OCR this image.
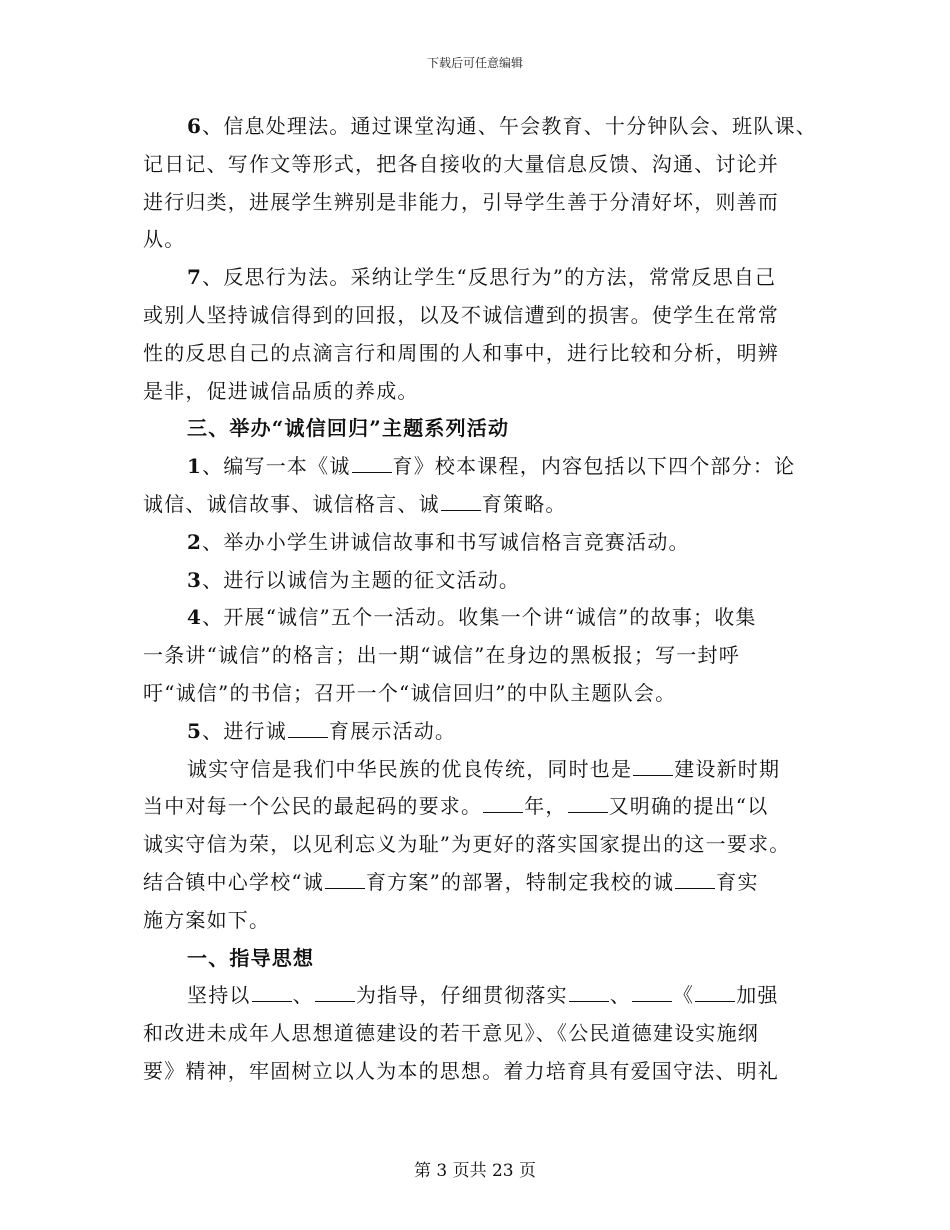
下载后可任意编辑
6、信息处理法。通过课堂沟通、午会教育、十分钟队会、班队课、
记日记、写作文等形式，把各自接收的大量信息反馈、沟通、讨论并
进行归类，进展学生辨别是非能力，引导学生善于分清好坏，则善而
从。
7、反思行为法。采纳让学生“反思行为”的方法，常常反思自己
或别人坚持诚信得到的回报，以及不诚信遭到的损害。使学生在常常
性的反思自己的点滴言行和周围的人和事中，进行比较和分析，明辨
是非，促进诚信品质的养成。
三、举办“诚信回归”主题系列活动
1、编写一本《诚 育》校本课程，内容包括以下四个部分：论
诚信、诚信故事、诚信格言、诚 育策略。
2、举办小学生讲诚信故事和书写诚信格言竞赛活动。
3、进行以诚信为主题的征文活动。
4、开展“诚信”五个一活动。收集一个讲“诚信”的故事；收集
一条讲“诚信”的格言；出一期“诚信”在身边的黑板报；写一封呼
吁“诚信”的书信；召开一个“诚信回归”的中队主题队会。
5、进行诚 育展示活动。
诚实守信是我们中华民族的优良传统，同时也是 建设新时期
当中对每一个公民的最起码的要求。 年， 又明确的提出“以
诚实守信为荣，以见利忘义为耻”为更好的落实国家提出的这一要求。
结合镇中心学校“诚 育方案”的部署，特制定我校的诚 育实
施方案如下。
一、指导思想
坚持以 、 为指导，仔细贯彻落实 、 《 加强
和改进未成年人思想道德建设的若干意见》、《公民道德建设实施纲
要》精神，牢固树立以人为本的思想。着力培育具有爱国守法、明礼
第 3 页共 23 页
